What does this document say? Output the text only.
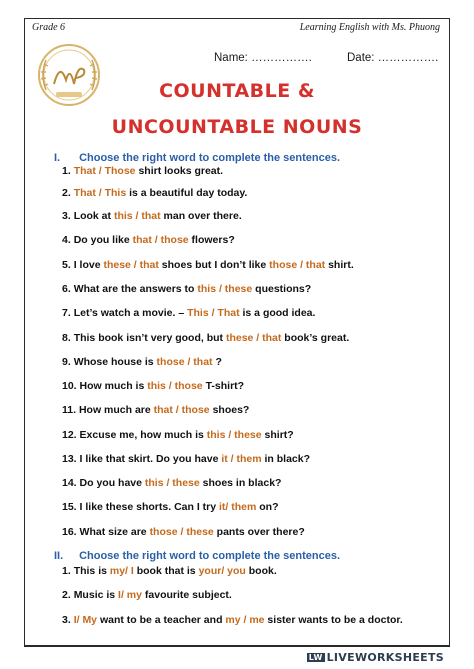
Grade 6	Learning English with Ms. Phuong
Name: …………….	Date: …………….
COUNTABLE &
UNCOUNTABLE NOUNS
I. Choose the right word to complete the sentences.
1. That / Those shirt looks great.
2. That / This is a beautiful day today.
3. Look at this / that man over there.
4. Do you like that / those flowers?
5. I love these / that shoes but I don’t like those / that shirt.
6. What are the answers to this / these questions?
7. Let’s watch a movie. – This / That is a good idea.
8. This book isn’t very good, but these / that book’s great.
9. Whose house is those / that ?
10. How much is this / those T-shirt?
11. How much are that / those shoes?
12. Excuse me, how much is this / these shirt?
13. I like that skirt. Do you have it / them in black?
14. Do you have this / these shoes in black?
15. I like these shorts. Can I try it/ them on?
16. What size are those / these pants over there?
II. Choose the right word to complete the sentences.
1. This is my/ I book that is your/ you book.
2. Music is I/ my favourite subject.
3. I/ My want to be a teacher and my / me sister wants to be a doctor.
LW LIVEWORKSHEETS
